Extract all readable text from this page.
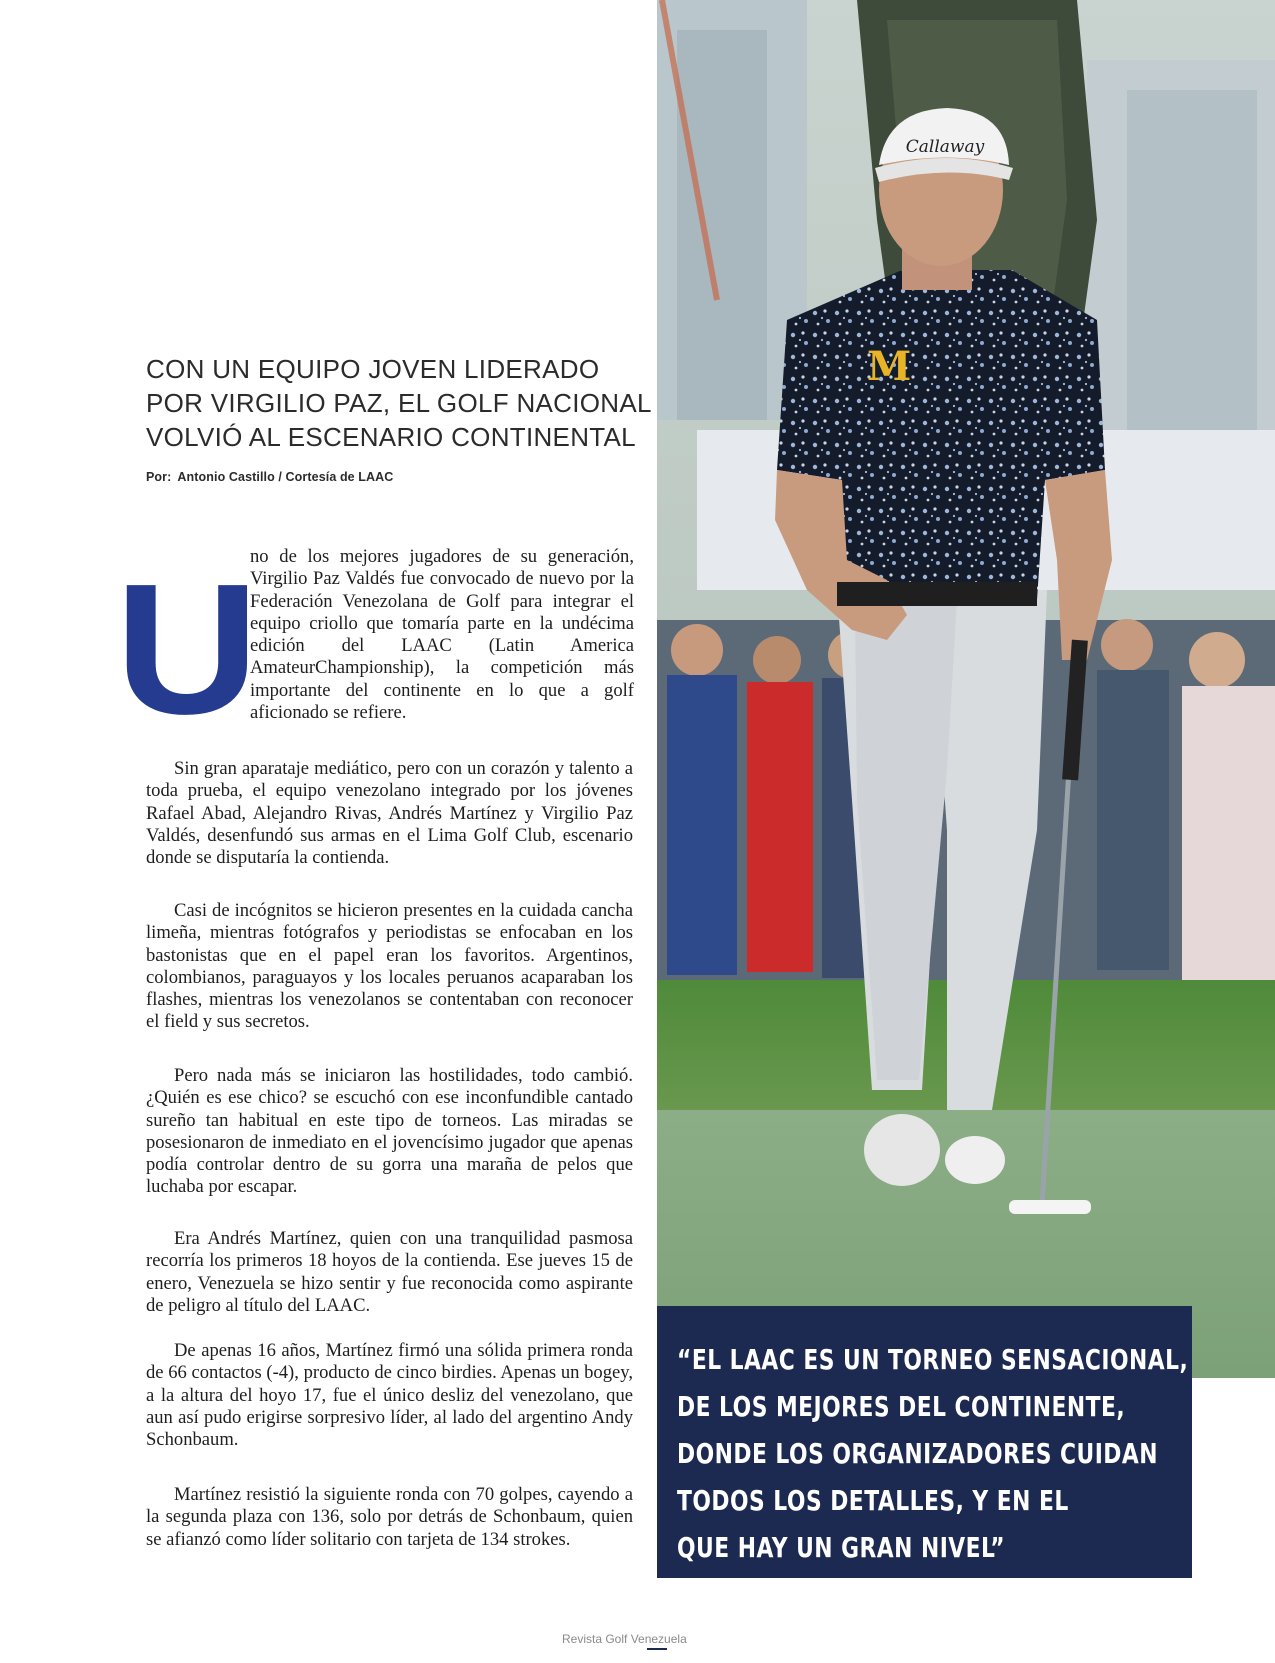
Callaway
M
CON UN EQUIPO JOVEN LIDERADO
POR VIRGILIO PAZ, EL GOLF NACIONAL
VOLVIÓ AL ESCENARIO CONTINENTAL
Por: Antonio Castillo / Cortesía de LAAC
U
no de los mejores jugadores de su generación, Virgilio Paz Valdés fue convocado de nuevo por la Federación Venezolana de Golf para integrar el equipo criollo que tomaría parte en la undécima edición del LAAC (Latin America AmateurChampionship), la competición más importante del continente en lo que a golf aficionado se refiere.
Sin gran aparataje mediático, pero con un corazón y talento a toda prueba, el equipo venezolano integrado por los jóvenes Rafael Abad, Alejandro Rivas, Andrés Martínez y Virgilio Paz Valdés, desenfundó sus armas en el Lima Golf Club, escenario donde se disputaría la contienda.
Casi de incógnitos se hicieron presentes en la cuidada cancha limeña, mientras fotógrafos y periodistas se enfocaban en los bastonistas que en el papel eran los favoritos. Argentinos, colombianos, paraguayos y los locales peruanos acaparaban los flashes, mientras los venezolanos se contentaban con reconocer el field y sus secretos.
Pero nada más se iniciaron las hostilidades, todo cambió. ¿Quién es ese chico? se escuchó con ese inconfundible cantado sureño tan habitual en este tipo de torneos. Las miradas se posesionaron de inmediato en el jovencísimo jugador que apenas podía controlar dentro de su gorra una maraña de pelos que luchaba por escapar.
Era Andrés Martínez, quien con una tranquilidad pasmosa recorría los primeros 18 hoyos de la contienda. Ese jueves 15 de enero, Venezuela se hizo sentir y fue reconocida como aspirante de peligro al título del LAAC.
De apenas 16 años, Martínez firmó una sólida primera ronda de 66 contactos (-4), producto de cinco birdies. Apenas un bogey, a la altura del hoyo 17, fue el único desliz del venezolano, que aun así pudo erigirse sorpresivo líder, al lado del argentino Andy Schonbaum.
Martínez resistió la siguiente ronda con 70 golpes, cayendo a la segunda plaza con 136, solo por detrás de Schonbaum, quien se afianzó como líder solitario con tarjeta de 134 strokes.
“EL LAAC ES UN TORNEO SENSACIONAL,
DE LOS MEJORES DEL CONTINENTE,
DONDE LOS ORGANIZADORES CUIDAN
TODOS LOS DETALLES, Y EN EL
QUE HAY UN GRAN NIVEL”
Revista Golf Venezuela
